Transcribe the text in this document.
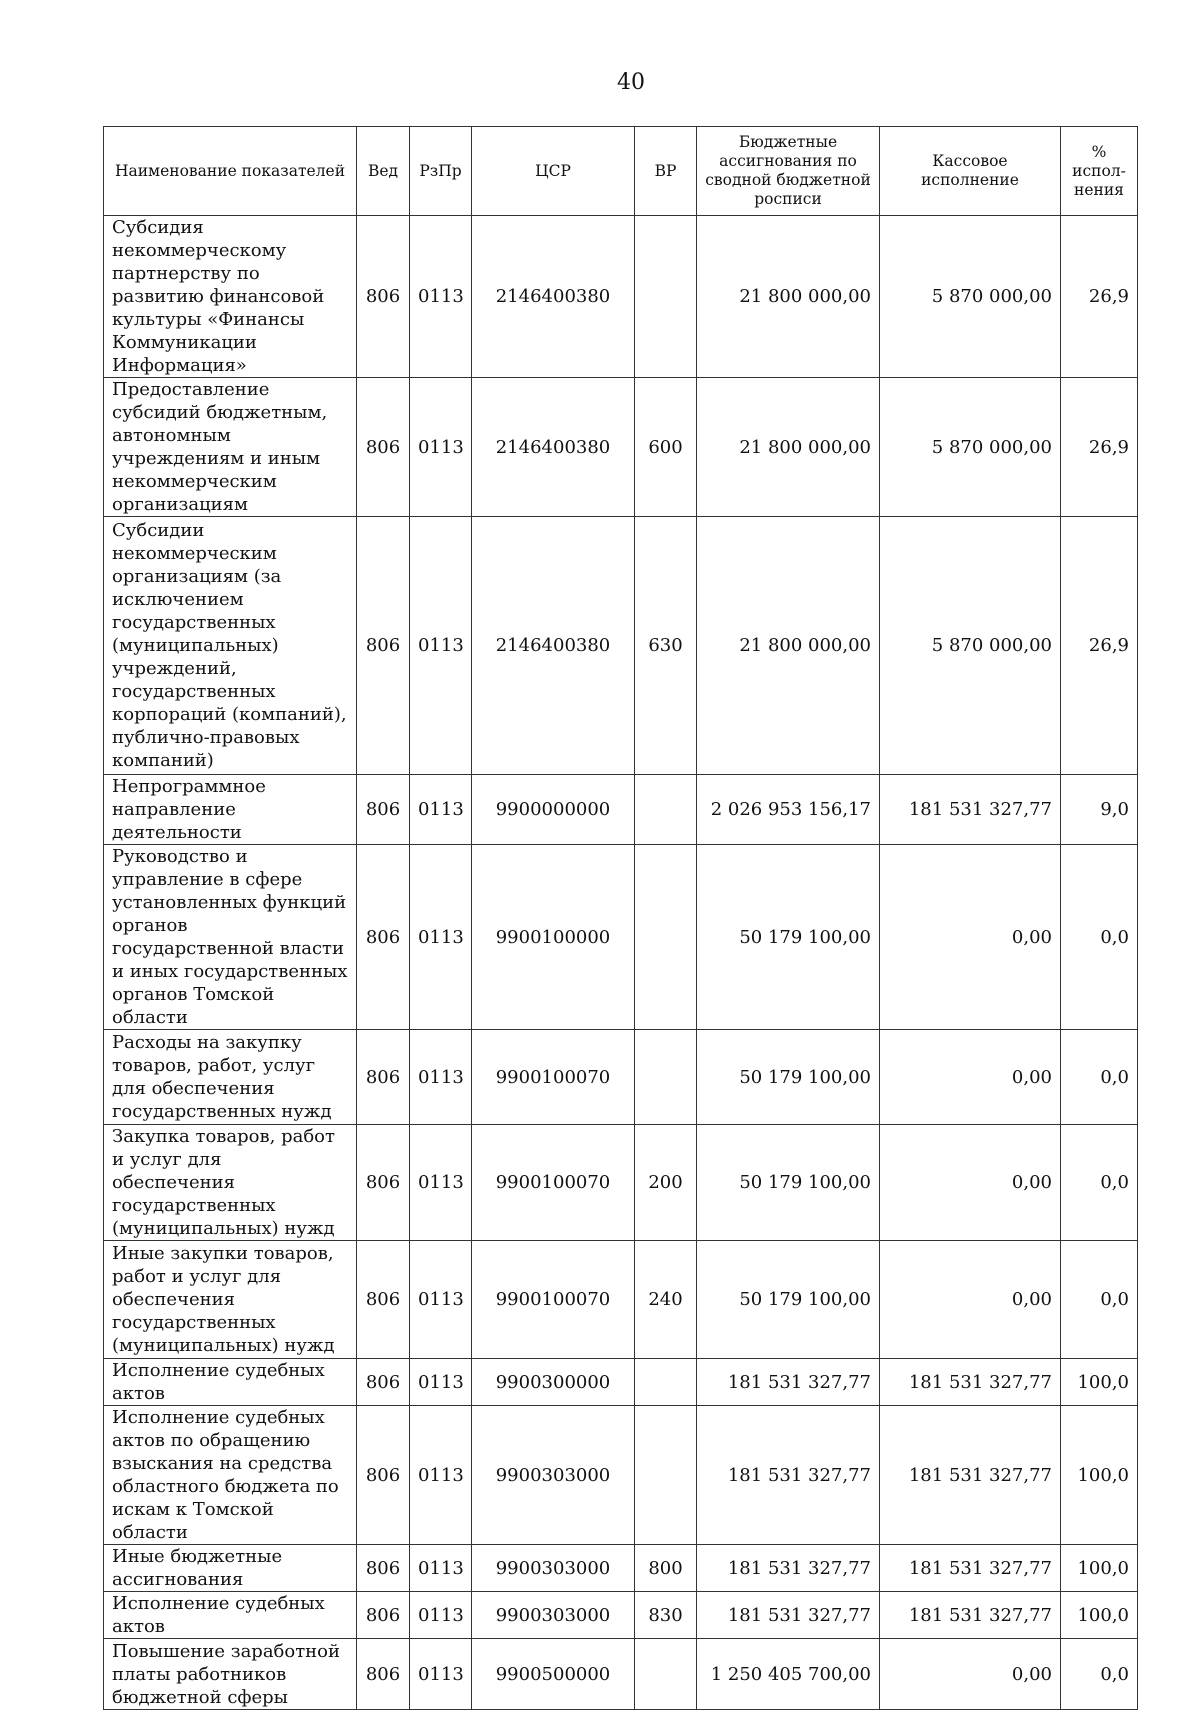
40
Наименование показателей	Вед	РзПр	ЦСР	ВР	Бюджетные ассигнования по сводной бюджетной росписи	Кассовое исполнение	% испол-нения
Субсидия некоммерческому партнерству по развитию финансовой культуры «Финансы Коммуникации Информация»	806	0113	2146400380		21 800 000,00	5 870 000,00	26,9
Предоставление субсидий бюджетным, автономным учреждениям и иным некоммерческим организациям	806	0113	2146400380	600	21 800 000,00	5 870 000,00	26,9
Субсидии некоммерческим организациям (за исключением государственных (муниципальных) учреждений, государственных корпораций (компаний), публично-правовых компаний)	806	0113	2146400380	630	21 800 000,00	5 870 000,00	26,9
Непрограммное направление деятельности	806	0113	9900000000		2 026 953 156,17	181 531 327,77	9,0
Руководство и управление в сфере установленных функций органов государственной власти и иных государственных органов Томской области	806	0113	9900100000		50 179 100,00	0,00	0,0
Расходы на закупку товаров, работ, услуг для обеспечения государственных нужд	806	0113	9900100070		50 179 100,00	0,00	0,0
Закупка товаров, работ и услуг для обеспечения государственных (муниципальных) нужд	806	0113	9900100070	200	50 179 100,00	0,00	0,0
Иные закупки товаров, работ и услуг для обеспечения государственных (муниципальных) нужд	806	0113	9900100070	240	50 179 100,00	0,00	0,0
Исполнение судебных актов	806	0113	9900300000		181 531 327,77	181 531 327,77	100,0
Исполнение судебных актов по обращению взыскания на средства областного бюджета по искам к Томской области	806	0113	9900303000		181 531 327,77	181 531 327,77	100,0
Иные бюджетные ассигнования	806	0113	9900303000	800	181 531 327,77	181 531 327,77	100,0
Исполнение судебных актов	806	0113	9900303000	830	181 531 327,77	181 531 327,77	100,0
Повышение заработной платы работников бюджетной сферы	806	0113	9900500000		1 250 405 700,00	0,00	0,0
